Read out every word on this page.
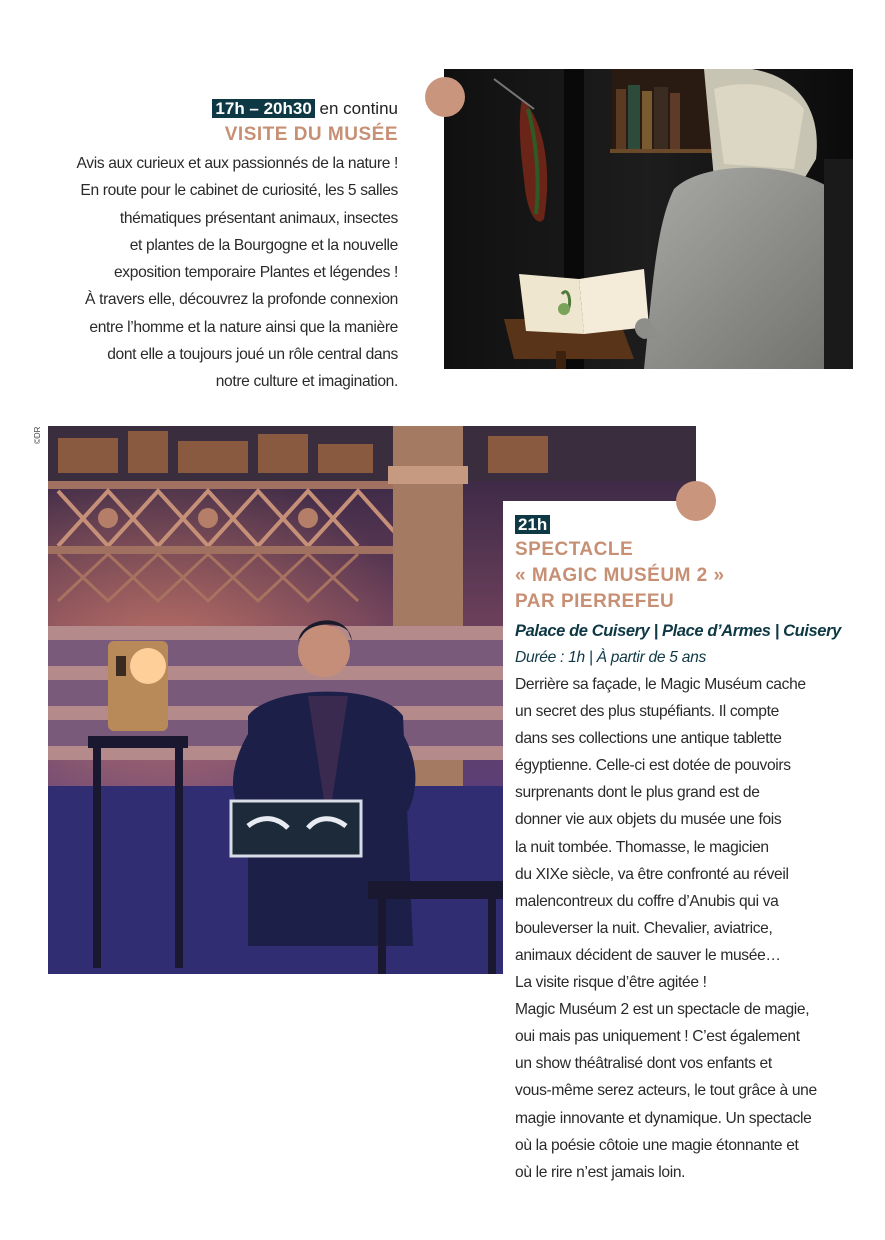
17h – 20h30 en continu
VISITE DU MUSÉE
Avis aux curieux et aux passionnés de la nature !
En route pour le cabinet de curiosité, les 5 salles
thématiques présentant animaux, insectes
et plantes de la Bourgogne et la nouvelle
exposition temporaire Plantes et légendes !
À travers elle, découvrez la profonde connexion
entre l’homme et la nature ainsi que la manière
dont elle a toujours joué un rôle central dans
notre culture et imagination.
©DR
21h
SPECTACLE
« MAGIC MUSÉUM 2 »
PAR PIERREFEU
Palace de Cuisery | Place d’Armes | Cuisery
Durée : 1h | À partir de 5 ans
Derrière sa façade, le Magic Muséum cache
un secret des plus stupéfiants. Il compte
dans ses collections une antique tablette
égyptienne. Celle-ci est dotée de pouvoirs
surprenants dont le plus grand est de
donner vie aux objets du musée une fois
la nuit tombée. Thomasse, le magicien
du XIXe siècle, va être confronté au réveil
malencontreux du coffre d’Anubis qui va
bouleverser la nuit. Chevalier, aviatrice,
animaux décident de sauver le musée…
La visite risque d’être agitée !
Magic Muséum 2 est un spectacle de magie,
oui mais pas uniquement ! C’est également
un show théâtralisé dont vos enfants et
vous-même serez acteurs, le tout grâce à une
magie innovante et dynamique. Un spectacle
où la poésie côtoie une magie étonnante et
où le rire n’est jamais loin.
